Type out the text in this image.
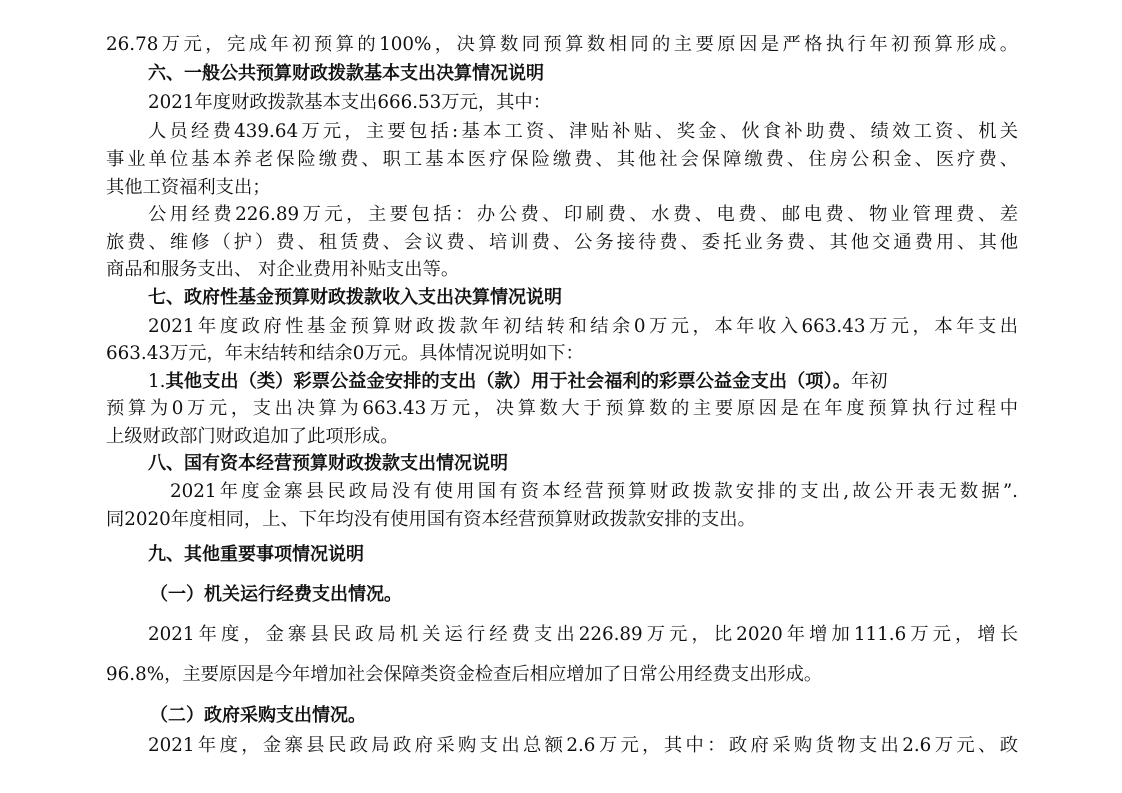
26.78万元，完成年初预算的100%，决算数同预算数相同的主要原因是严格执行年初预算形成。
六、一般公共预算财政拨款基本支出决算情况说明
2021年度财政拨款基本支出666.53万元，其中：
人员经费439.64万元，主要包括:基本工资、津贴补贴、奖金、伙食补助费、绩效工资、机关
事业单位基本养老保险缴费、职工基本医疗保险缴费、其他社会保障缴费、住房公积金、医疗费、
其他工资福利支出；
公用经费226.89万元，主要包括：办公费、印刷费、水费、电费、邮电费、物业管理费、差
旅费、维修（护）费、租赁费、会议费、培训费、公务接待费、委托业务费、其他交通费用、其他
商品和服务支出、 对企业费用补贴支出等。
七、政府性基金预算财政拨款收入支出决算情况说明
2021年度政府性基金预算财政拨款年初结转和结余0万元，本年收入663.43万元，本年支出
663.43万元，年末结转和结余0万元。具体情况说明如下：
1.其他支出（类）彩票公益金安排的支出（款）用于社会福利的彩票公益金支出（项）。年初
预算为0万元，支出决算为663.43万元，决算数大于预算数的主要原因是在年度预算执行过程中
上级财政部门财政追加了此项形成。
八、国有资本经营预算财政拨款支出情况说明
2021年度金寨县民政局没有使用国有资本经营预算财政拨款安排的支出,故公开表无数据”.
同2020年度相同，上、下年均没有使用国有资本经营预算财政拨款安排的支出。
九、其他重要事项情况说明
（一）机关运行经费支出情况。
2021年度，金寨县民政局机关运行经费支出226.89万元，比2020年增加111.6万元，增长
96.8%，主要原因是今年增加社会保障类资金检查后相应增加了日常公用经费支出形成。
（二）政府采购支出情况。
2021年度，金寨县民政局政府采购支出总额2.6万元，其中：政府采购货物支出2.6万元、政
